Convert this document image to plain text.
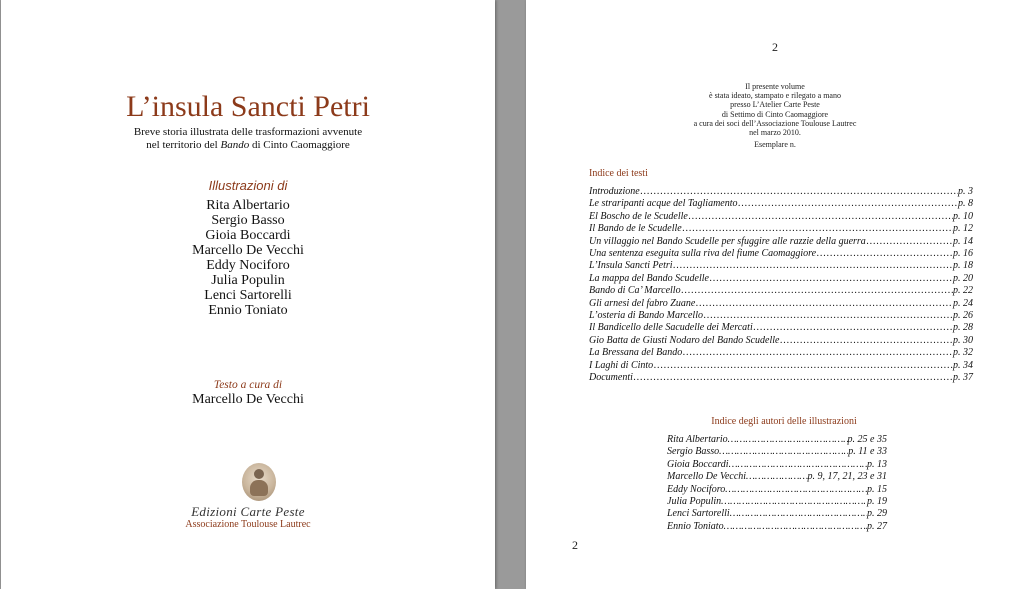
L’insula Sancti Petri
Breve storia illustrata delle trasformazioni avvenute
nel territorio del Bando di Cinto Caomaggiore
Illustrazioni di
Rita Albertario
Sergio Basso
Gioia Boccardi
Marcello De Vecchi
Eddy Nociforo
Julia Populin
Lenci Sartorelli
Ennio Toniato
Testo a cura di
Marcello De Vecchi
Edizioni Carte Peste
Associazione Toulouse Lautrec
2
Il presente volume
è stata ideato, stampato e rilegato a mano
presso L’Atelier Carte Peste
di Settimo di Cinto Caomaggiore
a cura dei soci dell’Associazione Toulouse Lautrec
nel marzo 2010.
Esemplare n.
Indice dei testi
Introduzione ……………………………………………………………………………………………………………………………………………………	p. 3
Le straripanti acque del Tagliamento ……………………………………………………………………………………………………………………………………………………	p. 8
El Boscho de le Scudelle ……………………………………………………………………………………………………………………………………………………	p. 10
Il Bando de le Scudelle ……………………………………………………………………………………………………………………………………………………	p. 12
Un villaggio nel Bando Scudelle per sfuggire alle razzie della guerra ……………………………………………………………………………………………………………………………………………………	p. 14
Una sentenza eseguita sulla riva del fiume Caomaggiore ……………………………………………………………………………………………………………………………………………………	p. 16
L’Insula Sancti Petri ……………………………………………………………………………………………………………………………………………………	p. 18
La mappa del Bando Scudelle ……………………………………………………………………………………………………………………………………………………	p. 20
Bando di Ca’ Marcello ……………………………………………………………………………………………………………………………………………………	p. 22
Gli arnesi del fabro Zuane ……………………………………………………………………………………………………………………………………………………	p. 24
L’osteria di Bando Marcello ……………………………………………………………………………………………………………………………………………………	p. 26
Il Bandicello delle Sacudelle dei Mercati ……………………………………………………………………………………………………………………………………………………	p. 28
Gio Batta de Giusti Nodaro del Bando Scudelle ……………………………………………………………………………………………………………………………………………………	p. 30
La Bressana del Bando ……………………………………………………………………………………………………………………………………………………	p. 32
I Laghi di Cinto ……………………………………………………………………………………………………………………………………………………	p. 34
Documenti ……………………………………………………………………………………………………………………………………………………	p. 37
Indice degli autori delle illustrazioni
Rita Albertario ………………………………………………………………………………	p. 25 e 35
Sergio Basso ………………………………………………………………………………	p. 11 e 33
Gioia Boccardi ………………………………………………………………………………	p. 13
Marcello De Vecchi ………………………………………………………………………………	p. 9, 17, 21, 23 e 31
Eddy Nociforo ………………………………………………………………………………	p. 15
Julia Populin ………………………………………………………………………………	p. 19
Lenci Sartorelli ………………………………………………………………………………	p. 29
Ennio Toniato ………………………………………………………………………………	p. 27
2
